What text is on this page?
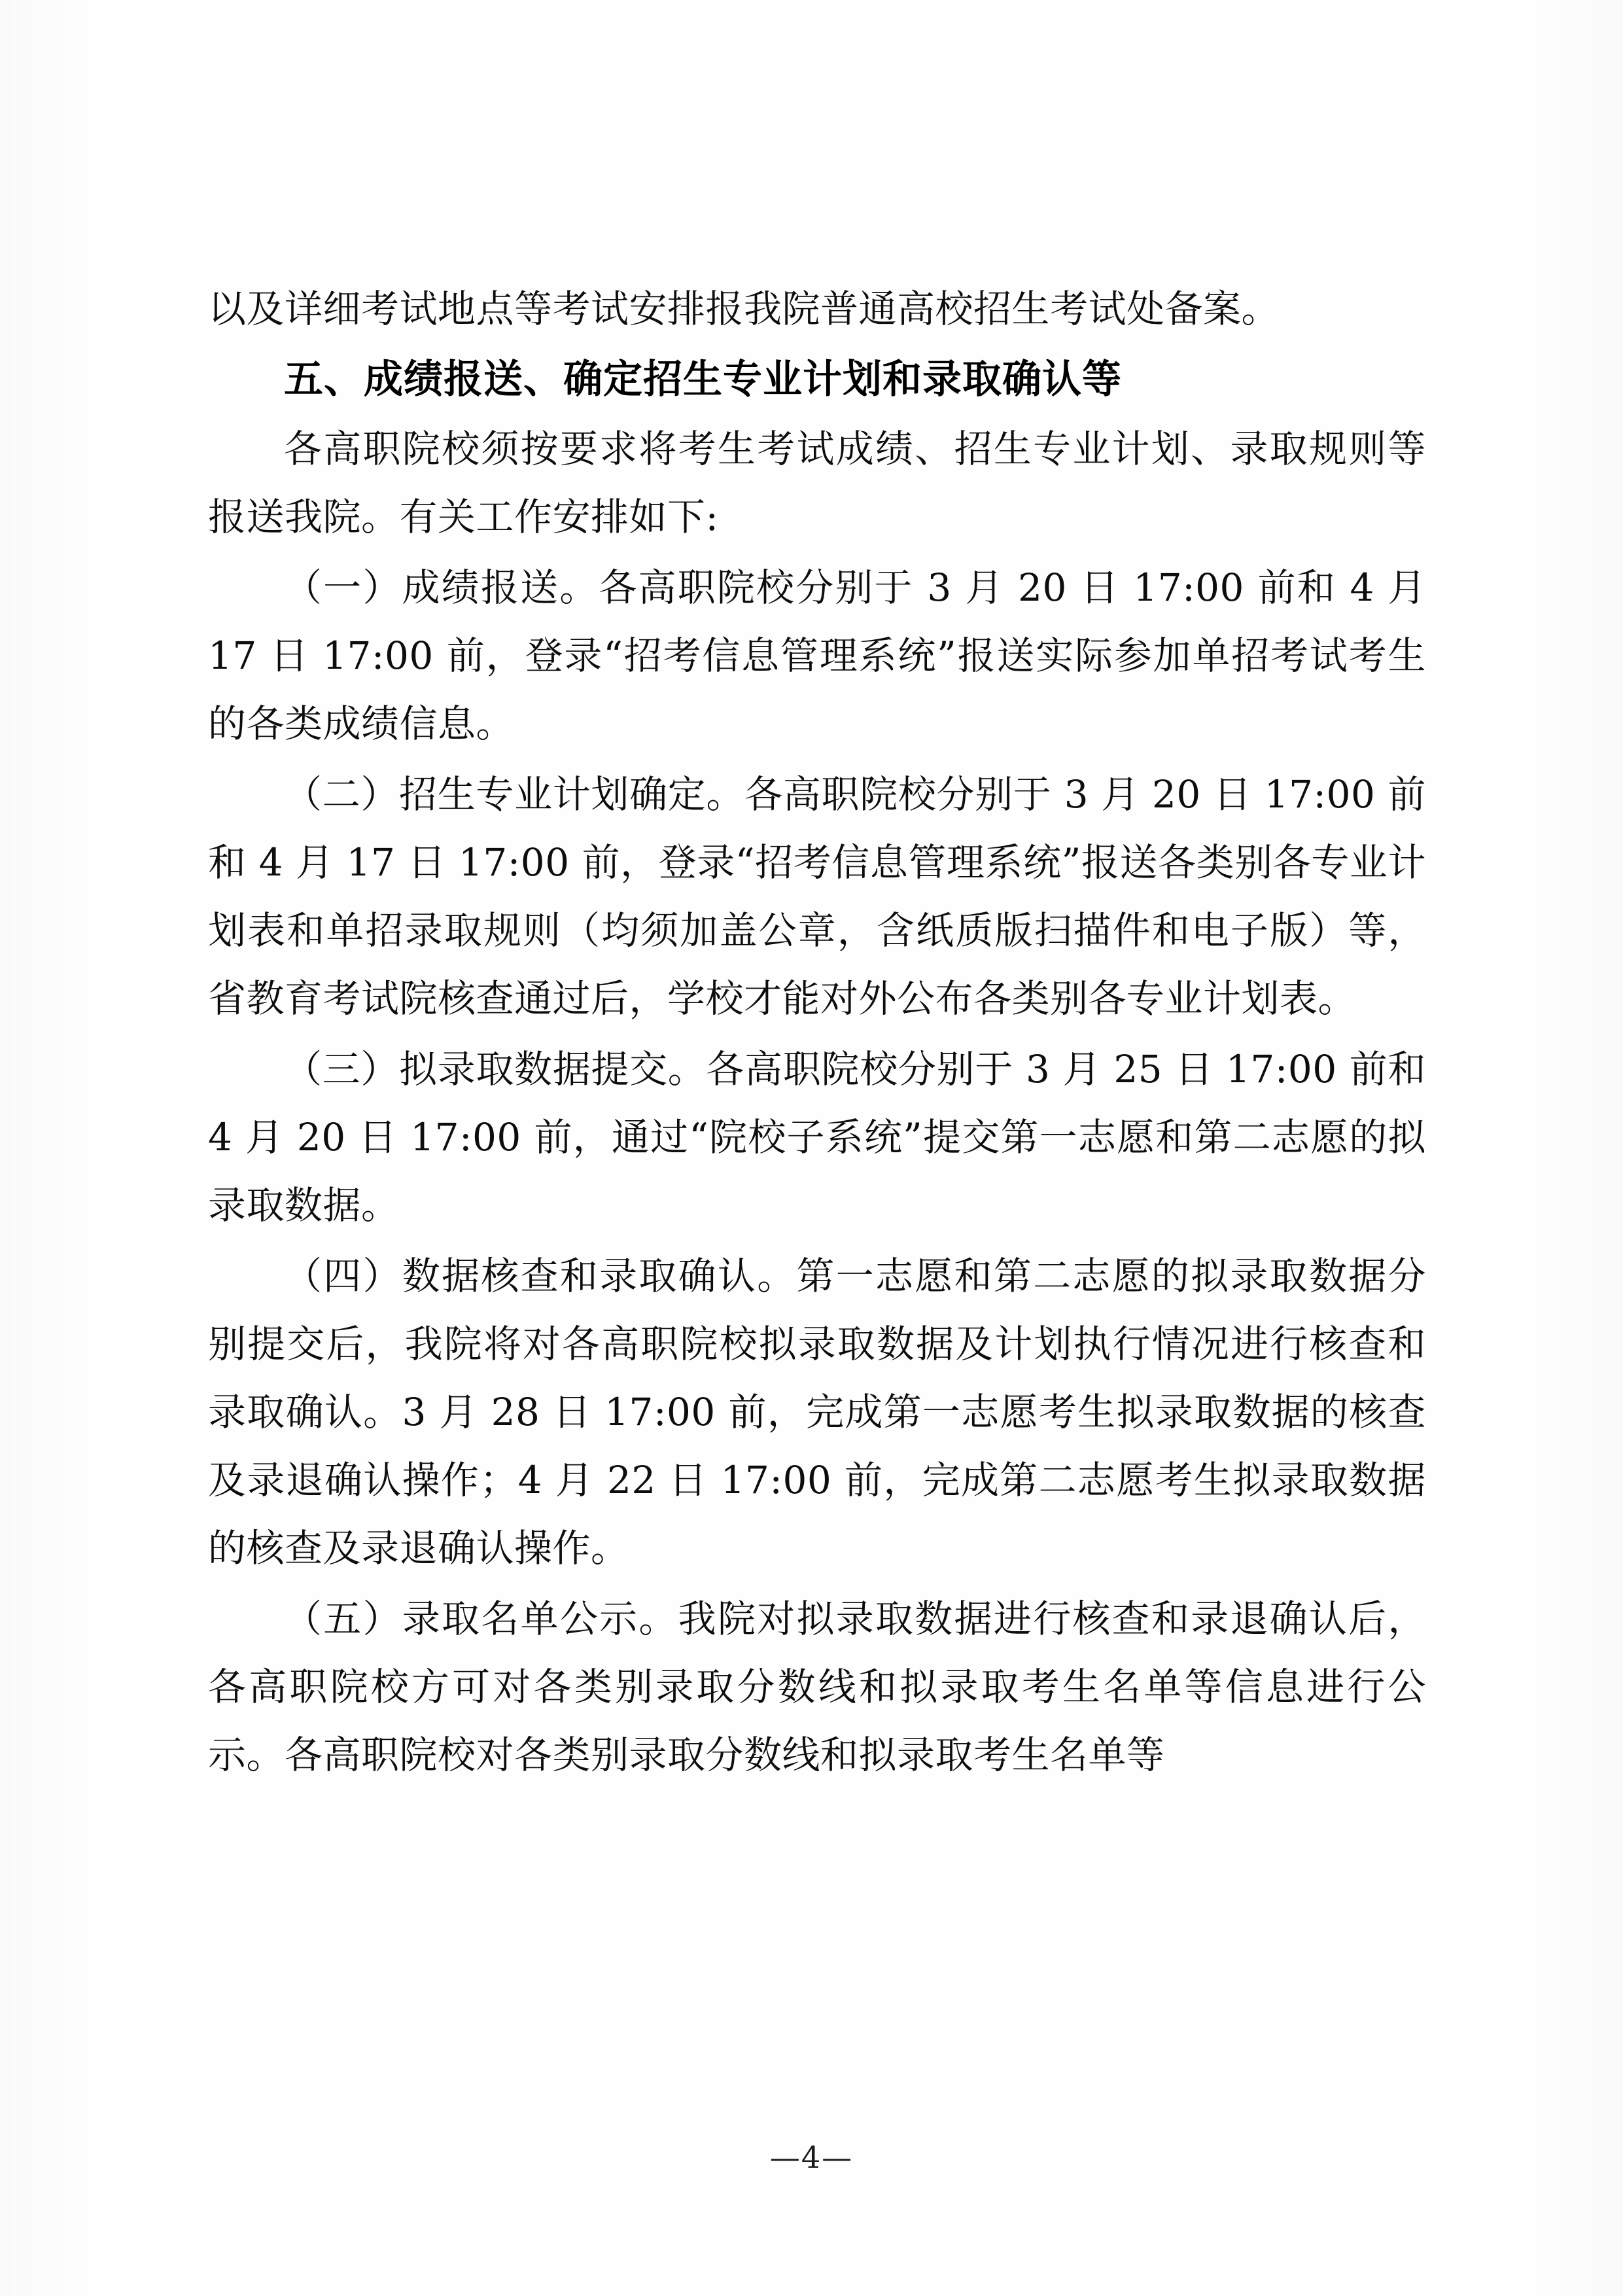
以及详细考试地点等考试安排报我院普通高校招生考试处备案。

五、成绩报送、确定招生专业计划和录取确认等

各高职院校须按要求将考生考试成绩、招生专业计划、录取规则等报送我院。有关工作安排如下:

（一）成绩报送。各高职院校分别于 3 月 20 日 17:00 前和 4 月 17 日 17:00 前，登录“招考信息管理系统”报送实际参加单招考试考生的各类成绩信息。

（二）招生专业计划确定。各高职院校分别于 3 月 20 日 17:00 前和 4 月 17 日 17:00 前，登录“招考信息管理系统”报送各类别各专业计划表和单招录取规则（均须加盖公章，含纸质版扫描件和电子版）等，省教育考试院核查通过后，学校才能对外公布各类别各专业计划表。

（三）拟录取数据提交。各高职院校分别于 3 月 25 日 17:00 前和 4 月 20 日 17:00 前，通过“院校子系统”提交第一志愿和第二志愿的拟录取数据。

（四）数据核查和录取确认。第一志愿和第二志愿的拟录取数据分别提交后，我院将对各高职院校拟录取数据及计划执行情况进行核查和录取确认。3 月 28 日 17:00 前，完成第一志愿考生拟录取数据的核查及录退确认操作；4 月 22 日 17:00 前，完成第二志愿考生拟录取数据的核查及录退确认操作。

（五）录取名单公示。我院对拟录取数据进行核查和录退确认后，各高职院校方可对各类别录取分数线和拟录取考生名单等信息进行公示。各高职院校对各类别录取分数线和拟录取考生名单等

—4—
